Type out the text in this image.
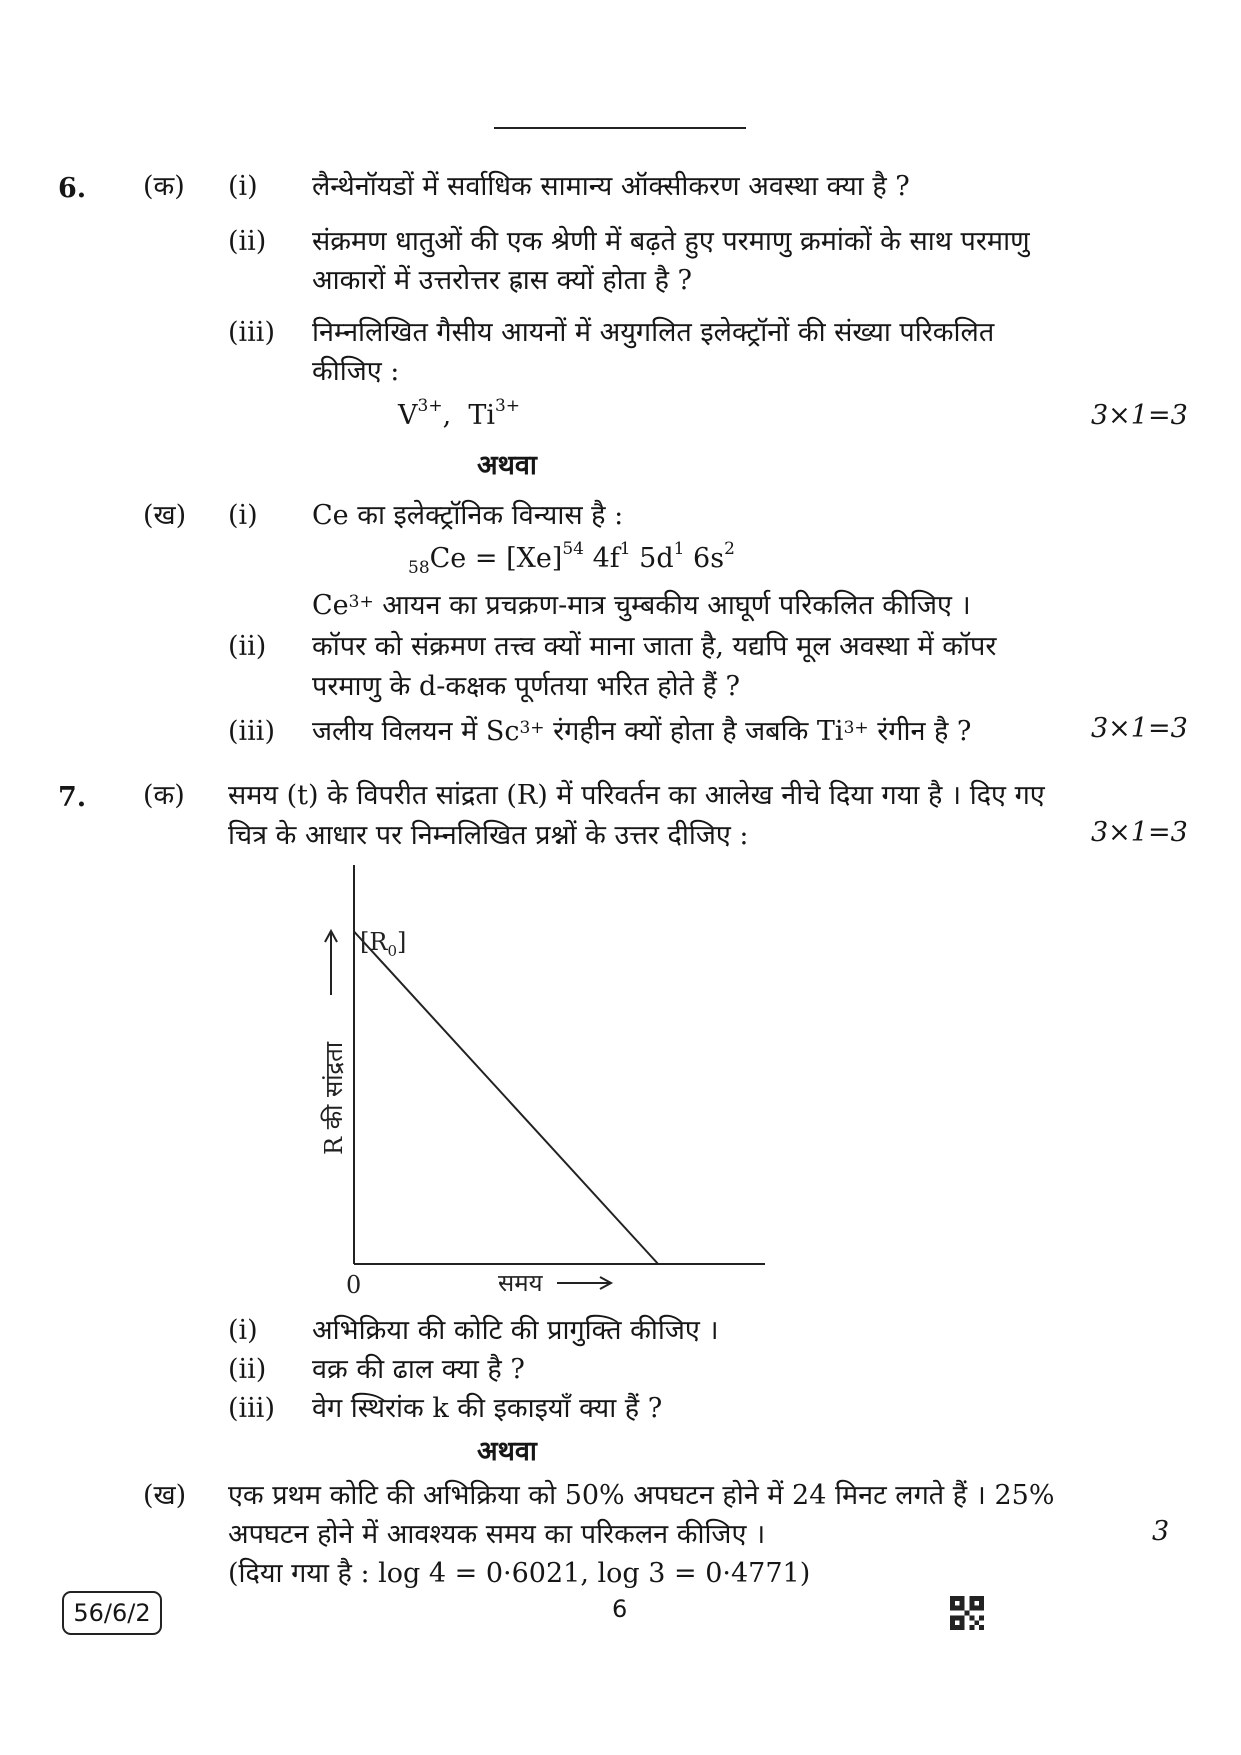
6. (क) (i) लैन्थेनॉयडों में सर्वाधिक सामान्य ऑक्सीकरण अवस्था क्या है ?
(ii) संक्रमण धातुओं की एक श्रेणी में बढ़ते हुए परमाणु क्रमांकों के साथ परमाणु
आकारों में उत्तरोत्तर ह्रास क्यों होता है ?
(iii) निम्नलिखित गैसीय आयनों में अयुगलित इलेक्ट्रॉनों की संख्या परिकलित
कीजिए :
$V^{3+}$, $Ti^{3+}$	3×1=3
अथवा
(ख) (i) Ce का इलेक्ट्रॉनिक विन्यास है :
$_{58}Ce = [Xe]^{54}$ $4f^1$ $5d^1$ $6s^2$
$Ce^{3+}$ आयन का प्रचक्रण-मात्र चुम्बकीय आघूर्ण परिकलित कीजिए ।
(ii) कॉपर को संक्रमण तत्त्व क्यों माना जाता है, यद्यपि मूल अवस्था में कॉपर
परमाणु के d-कक्षक पूर्णतया भरित होते हैं ?
(iii) जलीय विलयन में $Sc^{3+}$ रंगहीन क्यों होता है जबकि $Ti^{3+}$ रंगीन है ?	3×1=3
7. (क) समय (t) के विपरीत सांद्रता (R) में परिवर्तन का आलेख नीचे दिया गया है । दिए गए
चित्र के आधार पर निम्नलिखित प्रश्नों के उत्तर दीजिए :	3×1=3
$[R_0]$
0	समय
R की सांद्रता
(i) अभिक्रिया की कोटि की प्रागुक्ति कीजिए ।
(ii) वक्र की ढाल क्या है ?
(iii) वेग स्थिरांक k की इकाइयाँ क्या हैं ?
अथवा
(ख) एक प्रथम कोटि की अभिक्रिया को 50% अपघटन होने में 24 मिनट लगते हैं । 25%
अपघटन होने में आवश्यक समय का परिकलन कीजिए ।	3
(दिया गया है : log 4 = 0·6021, log 3 = 0·4771)
56/6/2	6
